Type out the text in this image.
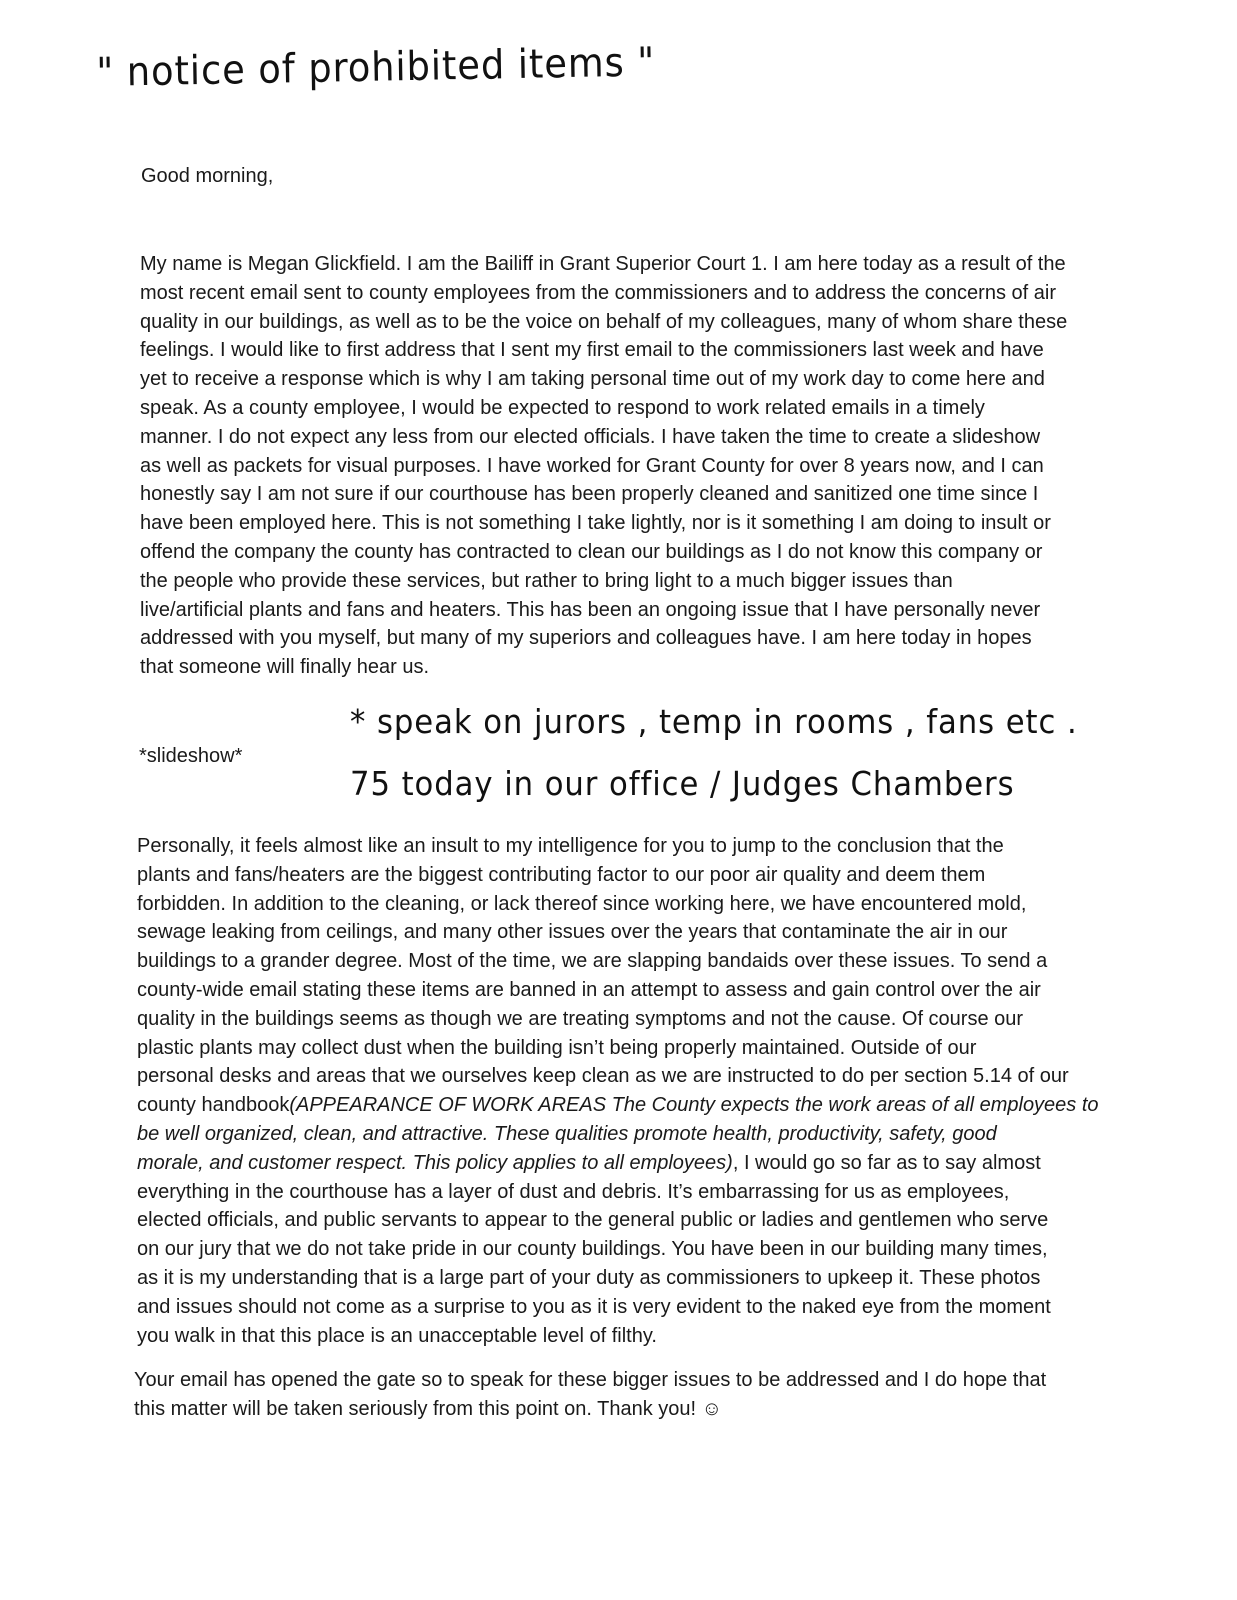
" notice of prohibited items "

Good morning,

My name is Megan Glickfield. I am the Bailiff in Grant Superior Court 1. I am here today as a result of the
most recent email sent to county employees from the commissioners and to address the concerns of air
quality in our buildings, as well as to be the voice on behalf of my colleagues, many of whom share these
feelings. I would like to first address that I sent my first email to the commissioners last week and have
yet to receive a response which is why I am taking personal time out of my work day to come here and
speak. As a county employee, I would be expected to respond to work related emails in a timely
manner. I do not expect any less from our elected officials. I have taken the time to create a slideshow
as well as packets for visual purposes. I have worked for Grant County for over 8 years now, and I can
honestly say I am not sure if our courthouse has been properly cleaned and sanitized one time since I
have been employed here. This is not something I take lightly, nor is it something I am doing to insult or
offend the company the county has contracted to clean our buildings as I do not know this company or
the people who provide these services, but rather to bring light to a much bigger issues than
live/artificial plants and fans and heaters. This has been an ongoing issue that I have personally never
addressed with you myself, but many of my superiors and colleagues have. I am here today in hopes
that someone will finally hear us.
* speak on jurors , temp in rooms , fans etc .
*slideshow*
75 today in our office / Judges Chambers
Personally, it feels almost like an insult to my intelligence for you to jump to the conclusion that the
plants and fans/heaters are the biggest contributing factor to our poor air quality and deem them
forbidden. In addition to the cleaning, or lack thereof since working here, we have encountered mold,
sewage leaking from ceilings, and many other issues over the years that contaminate the air in our
buildings to a grander degree. Most of the time, we are slapping bandaids over these issues. To send a
county-wide email stating these items are banned in an attempt to assess and gain control over the air
quality in the buildings seems as though we are treating symptoms and not the cause. Of course our
plastic plants may collect dust when the building isn’t being properly maintained. Outside of our
personal desks and areas that we ourselves keep clean as we are instructed to do per section 5.14 of our
county handbook(APPEARANCE OF WORK AREAS The County expects the work areas of all employees to
be well organized, clean, and attractive. These qualities promote health, productivity, safety, good
morale, and customer respect. This policy applies to all employees), I would go so far as to say almost
everything in the courthouse has a layer of dust and debris. It’s embarrassing for us as employees,
elected officials, and public servants to appear to the general public or ladies and gentlemen who serve
on our jury that we do not take pride in our county buildings. You have been in our building many times,
as it is my understanding that is a large part of your duty as commissioners to upkeep it. These photos
and issues should not come as a surprise to you as it is very evident to the naked eye from the moment
you walk in that this place is an unacceptable level of filthy.
Your email has opened the gate so to speak for these bigger issues to be addressed and I do hope that
this matter will be taken seriously from this point on. Thank you! ☺
